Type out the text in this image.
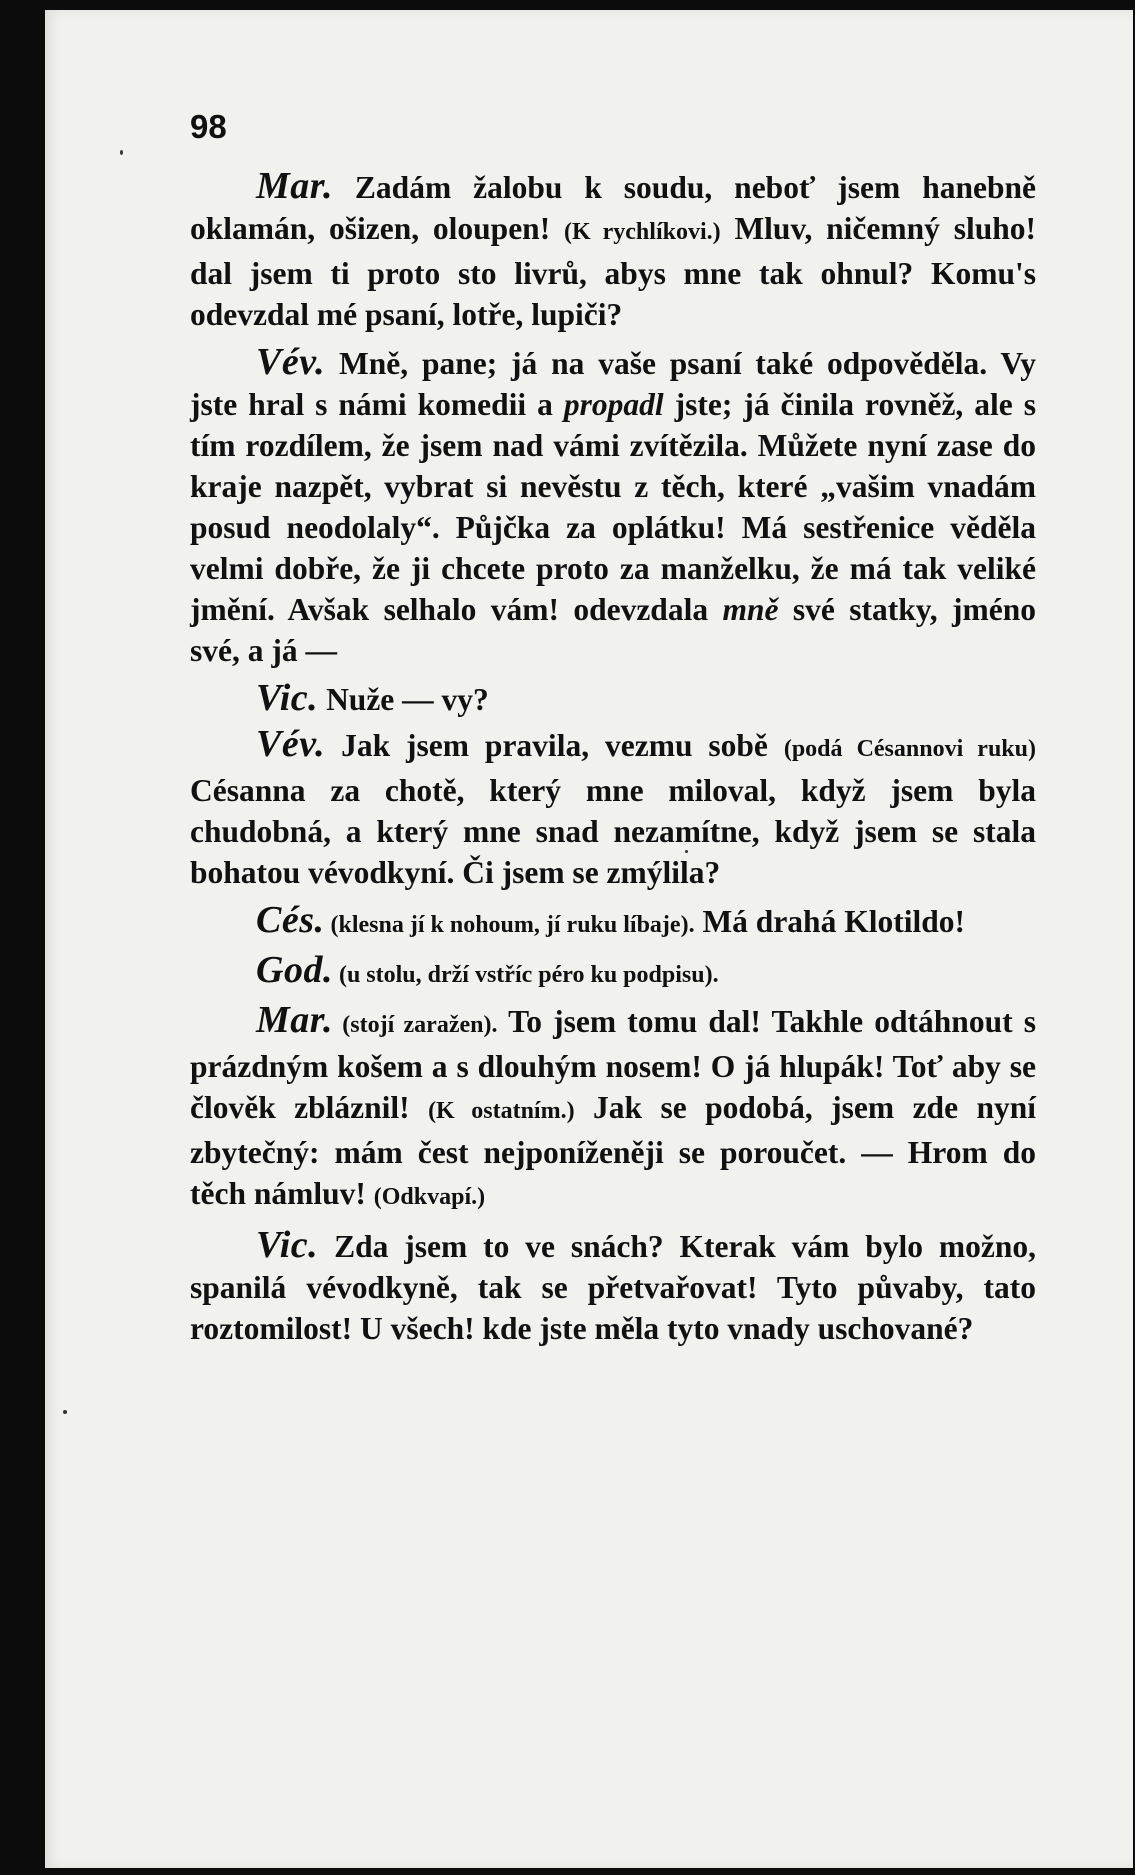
98

Mar. Zadám žalobu k soudu, neboť jsem hanebně oklamán, ošizen, oloupen! (K rychlíkovi.) Mluv, ničemný sluho! dal jsem ti proto sto livrů, abys mne tak ohnul? Komu's odevzdal mé psaní, lotře, lupiči?

Vév. Mně, pane; já na vaše psaní také odpověděla. Vy jste hral s námi komedii a propadl jste; já činila rovněž, ale s tím rozdílem, že jsem nad vámi zvítězila. Můžete nyní zase do kraje nazpět, vybrat si nevěstu z těch, které „vašim vnadám posud neodolaly“. Půjčka za oplátku! Má sestřenice věděla velmi dobře, že ji chcete proto za manželku, že má tak veliké jmění. Avšak selhalo vám! odevzdala mně své statky, jméno své, a já —

Vic. Nuže — vy?

Vév. Jak jsem pravila, vezmu sobě (podá Césannovi ruku) Césanna za chotě, který mne miloval, když jsem byla chudobná, a který mne snad nezamítne, když jsem se stala bohatou vévodkyní. Či jsem se zmýlila?

Cés. (klesna jí k nohoum, jí ruku líbaje). Má drahá Klotildo!

God. (u stolu, drží vstříc péro ku podpisu).

Mar. (stojí zaražen). To jsem tomu dal! Takhle odtáhnout s prázdným košem a s dlouhým nosem! O já hlupák! Toť aby se člověk zbláznil! (K ostatním.) Jak se podobá, jsem zde nyní zbytečný: mám čest nejponíženěji se poroučet. — Hrom do těch námluv! (Odkvapí.)

Vic. Zda jsem to ve snách? Kterak vám bylo možno, spanilá vévodkyně, tak se přetvařovat! Tyto půvaby, tato roztomilost! U všech! kde jste měla tyto vnady uschované?
